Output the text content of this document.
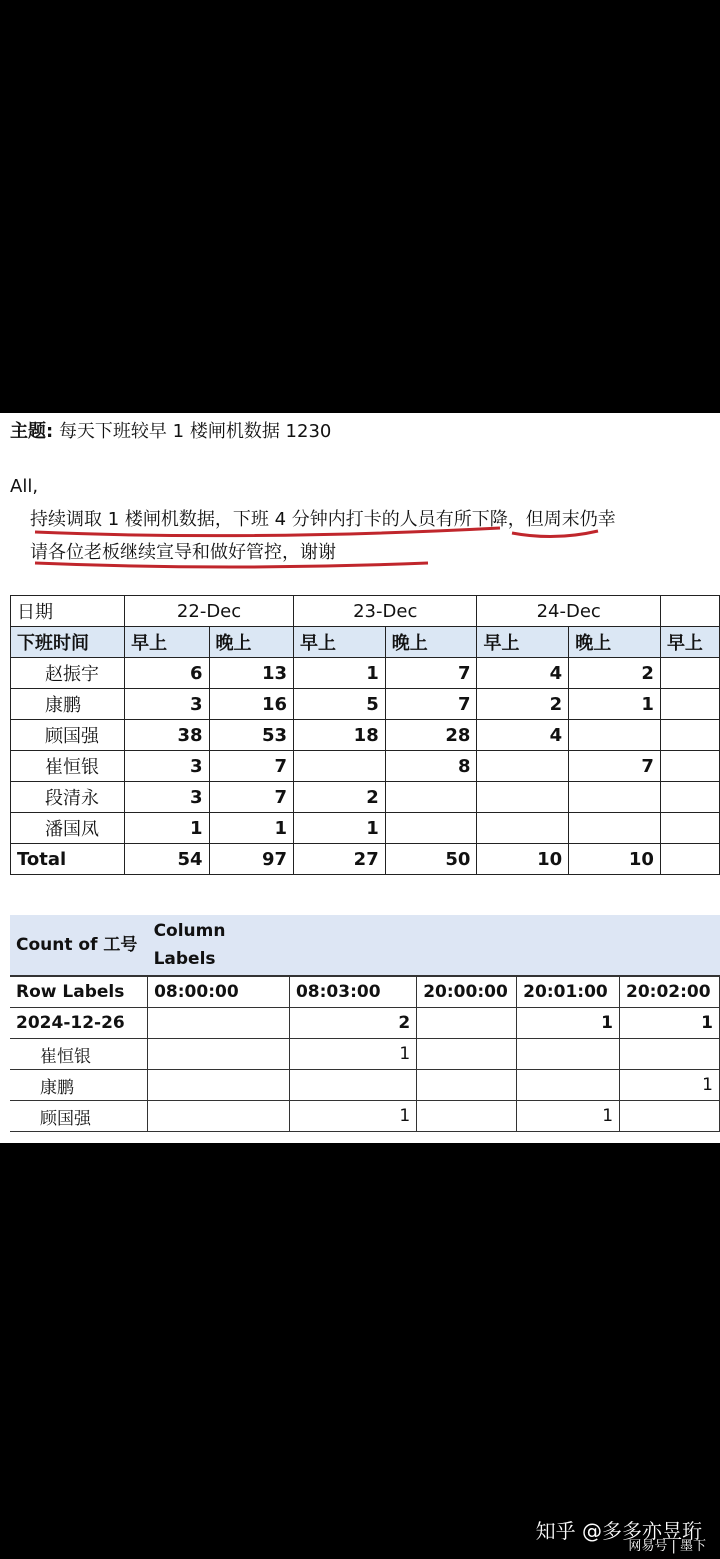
主题: 每天下班较早 1 楼闸机数据 1230
All,
持续调取 1 楼闸机数据，下班 4 分钟内打卡的人员有所下降，但周末仍幸
请各位老板继续宣导和做好管控，谢谢
日期	22-Dec		23-Dec		24-Dec		
下班时间	早上	晚上	早上	晚上	早上	晚上	早上
赵振宇	6	13	1	7	4	2	
康鹏	3	16	5	7	2	1	
顾国强	38	53	18	28	4		
崔恒银	3	7		8		7	
段清永	3	7	2				
潘国凤	1	1	1				
Total	54	97	27	50	10	10	
Count of 工号	Column Labels				
Row Labels	08:00:00	08:03:00	20:00:00	20:01:00	20:02:00
2024-12-26		2		1	1
崔恒银		1			
康鹏					1
顾国强		1		1	
知乎 @多多亦昱珩
网易号 | 墨下
